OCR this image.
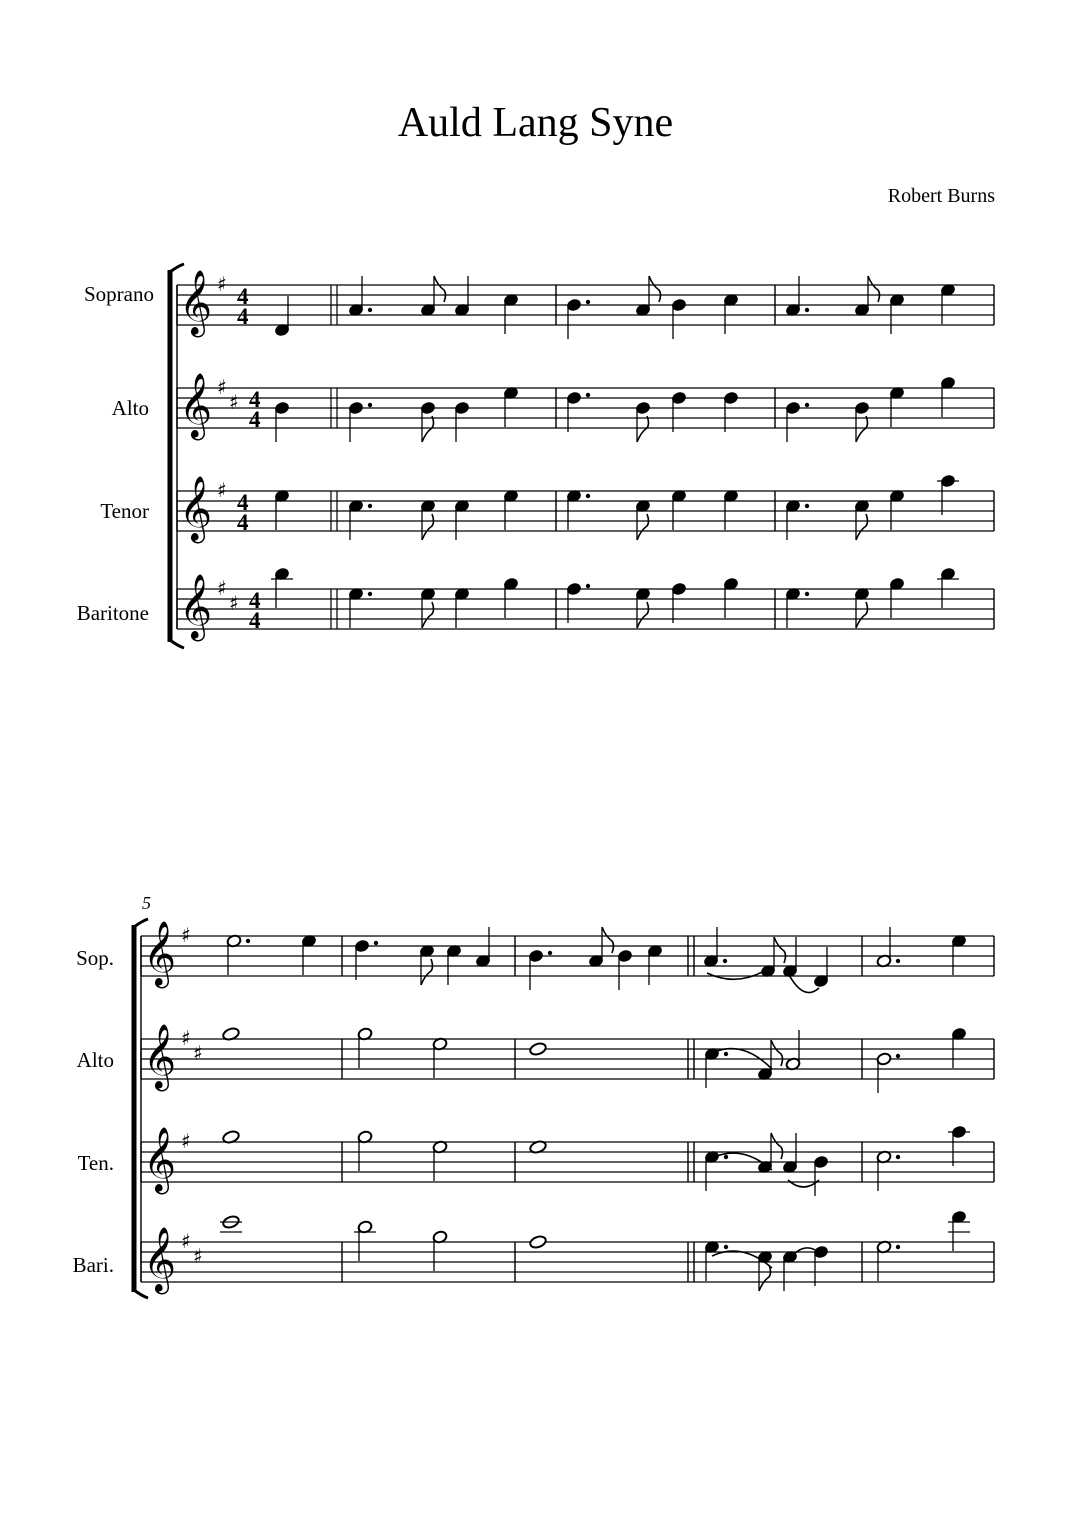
Auld Lang Syne
Robert Burns
Soprano
Alto
Tenor
Baritone
5
Sop.
Alto
Ten.
Bari.
𝄞 ♯ 4
4
𝄞 ♯
♯ 4
4
𝄞 ♯ 4
4
𝄞 ♯
♯ 4
4
𝄞 ♯
𝄞 ♯
♯
𝄞 ♯
𝄞 ♯
♯
